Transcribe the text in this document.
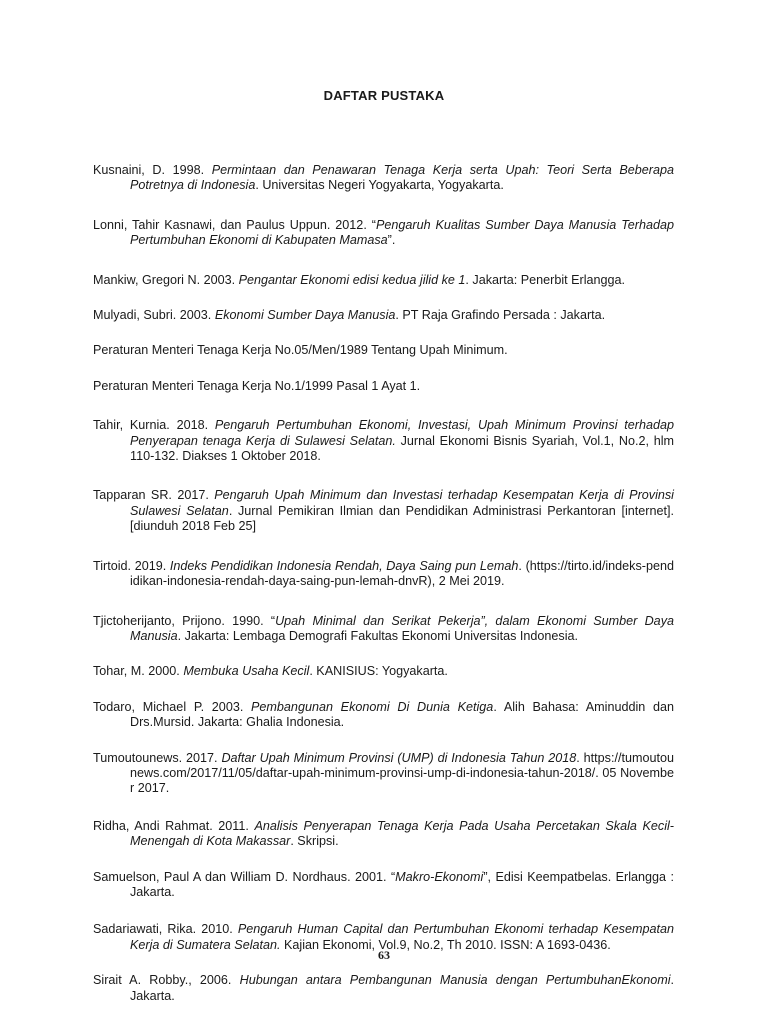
DAFTAR PUSTAKA
Kusnaini, D. 1998. Permintaan dan Penawaran Tenaga Kerja serta Upah: Teori Serta Beberapa Potretnya di Indonesia. Universitas Negeri Yogyakarta, Yogyakarta.
Lonni, Tahir Kasnawi, dan Paulus Uppun. 2012. “Pengaruh Kualitas Sumber Daya Manusia Terhadap Pertumbuhan Ekonomi di Kabupaten Mamasa”.
Mankiw, Gregori N. 2003. Pengantar Ekonomi edisi kedua jilid ke 1. Jakarta: Penerbit Erlangga.
Mulyadi, Subri. 2003. Ekonomi Sumber Daya Manusia. PT Raja Grafindo Persada : Jakarta.
Peraturan Menteri Tenaga Kerja No.05/Men/1989 Tentang Upah Minimum.
Peraturan Menteri Tenaga Kerja No.1/1999 Pasal 1 Ayat 1.
Tahir, Kurnia. 2018. Pengaruh Pertumbuhan Ekonomi, Investasi, Upah Minimum Provinsi terhadap Penyerapan tenaga Kerja di Sulawesi Selatan. Jurnal Ekonomi Bisnis Syariah, Vol.1, No.2, hlm 110-132. Diakses 1 Oktober 2018.
Tapparan SR. 2017. Pengaruh Upah Minimum dan Investasi terhadap Kesempatan Kerja di Provinsi Sulawesi Selatan. Jurnal Pemikiran Ilmian dan Pendidikan Administrasi Perkantoran [internet]. [diunduh 2018 Feb 25]
Tirtoid. 2019. Indeks Pendidikan Indonesia Rendah, Daya Saing pun Lemah. (https://tirto.id/indeks-pendidikan-indonesia-rendah-daya-saing-pun-lemah-dnvR), 2 Mei 2019.
Tjictoherijanto, Prijono. 1990. “Upah Minimal dan Serikat Pekerja”, dalam Ekonomi Sumber Daya Manusia. Jakarta: Lembaga Demografi Fakultas Ekonomi Universitas Indonesia.
Tohar, M. 2000. Membuka Usaha Kecil. KANISIUS: Yogyakarta.
Todaro, Michael P. 2003. Pembangunan Ekonomi Di Dunia Ketiga. Alih Bahasa: Aminuddin dan Drs.Mursid. Jakarta: Ghalia Indonesia.
Tumoutounews. 2017. Daftar Upah Minimum Provinsi (UMP) di Indonesia Tahun 2018. https://tumoutounews.com/2017/11/05/daftar-upah-minimum-provinsi-ump-di-indonesia-tahun-2018/. 05 November 2017.
Ridha, Andi Rahmat. 2011. Analisis Penyerapan Tenaga Kerja Pada Usaha Percetakan Skala Kecil-Menengah di Kota Makassar. Skripsi.
Samuelson, Paul A dan William D. Nordhaus. 2001. “Makro-Ekonomi”, Edisi Keempatbelas. Erlangga : Jakarta.
Sadariawati, Rika. 2010. Pengaruh Human Capital dan Pertumbuhan Ekonomi terhadap Kesempatan Kerja di Sumatera Selatan. Kajian Ekonomi, Vol.9, No.2, Th 2010. ISSN: A 1693-0436.
Sirait A. Robby., 2006. Hubungan antara Pembangunan Manusia dengan PertumbuhanEkonomi. Jakarta.
63
